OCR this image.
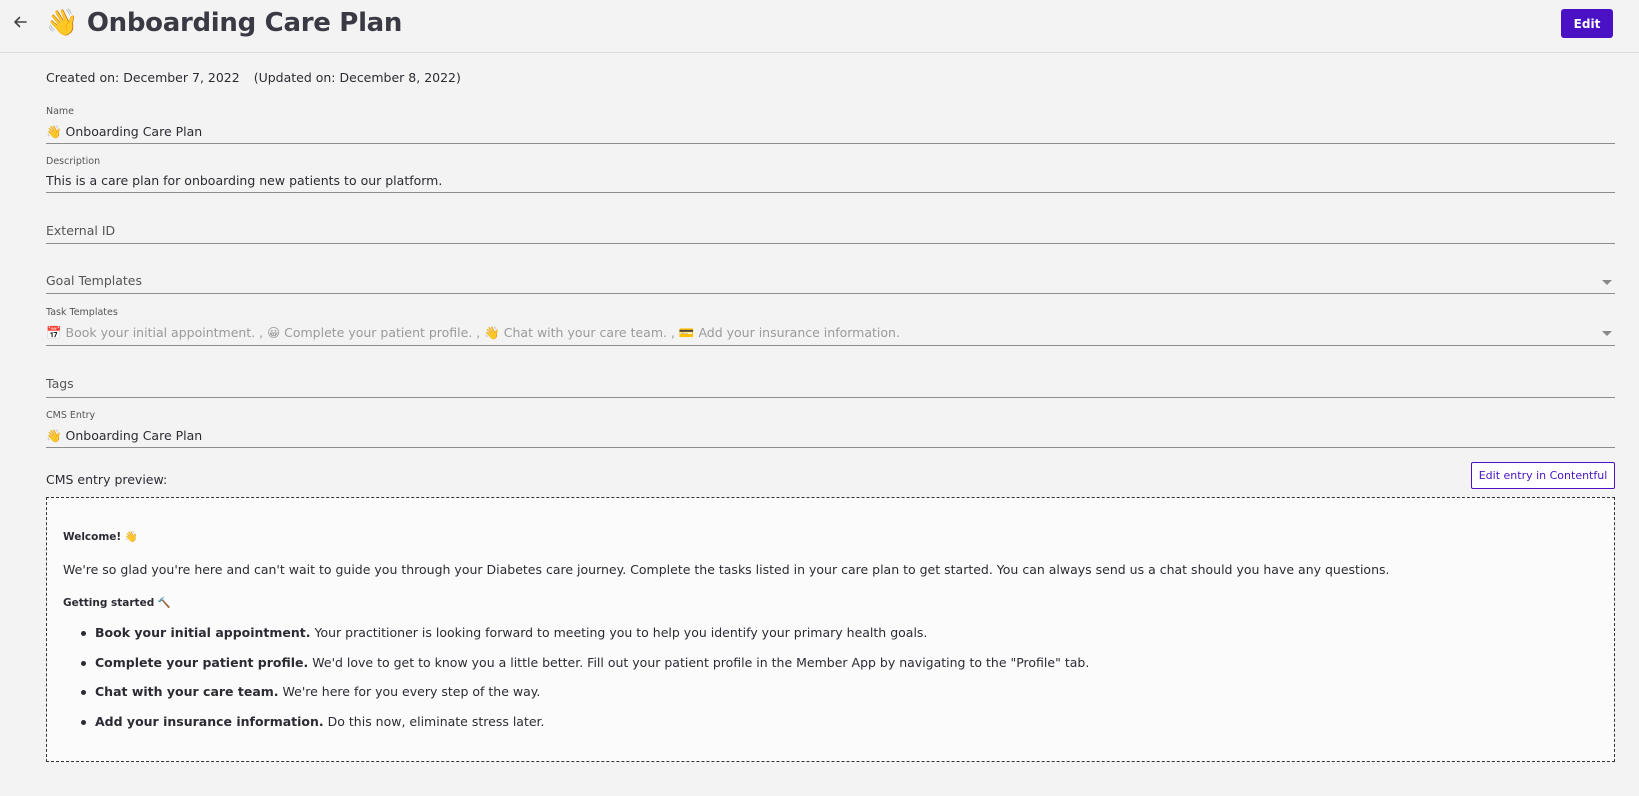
👋 Onboarding Care Plan	Edit
Created on: December 7, 2022 (Updated on: December 8, 2022)
Name
👋 Onboarding Care Plan
Description
This is a care plan for onboarding new patients to our platform.
External ID
Goal Templates
Task Templates
📅 Book your initial appointment. , 😀 Complete your patient profile. , 👋 Chat with your care team. , 💳 Add your insurance information.
Tags
CMS Entry
👋 Onboarding Care Plan
CMS entry preview:	Edit entry in Contentful
Welcome! 👋
We're so glad you're here and can't wait to guide you through your Diabetes care journey. Complete the tasks listed in your care plan to get started. You can always send us a chat should you have any questions.
Getting started 🔨
Book your initial appointment. Your practitioner is looking forward to meeting you to help you identify your primary health goals.
Complete your patient profile. We'd love to get to know you a little better. Fill out your patient profile in the Member App by navigating to the "Profile" tab.
Chat with your care team. We're here for you every step of the way.
Add your insurance information. Do this now, eliminate stress later.
